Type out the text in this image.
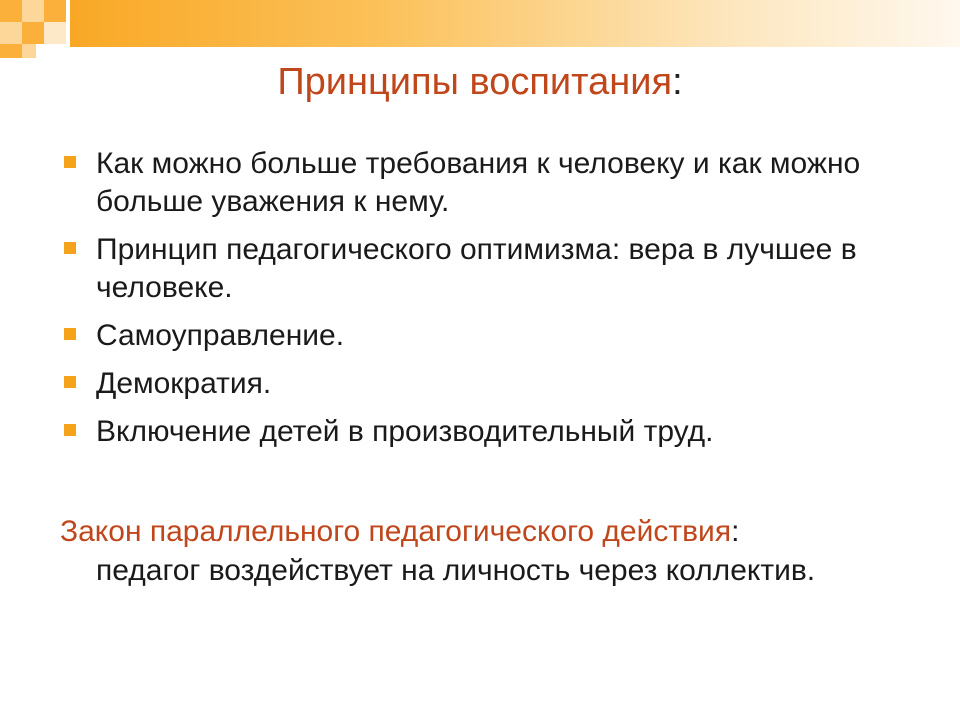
Принципы воспитания:
Как можно больше требования к человеку и как можно больше уважения к нему.
Принцип педагогического оптимизма: вера в лучшее в человеке.
Самоуправление.
Демократия.
Включение детей в производительный труд.
Закон параллельного педагогического действия:
педагог воздействует на личность через коллектив.
